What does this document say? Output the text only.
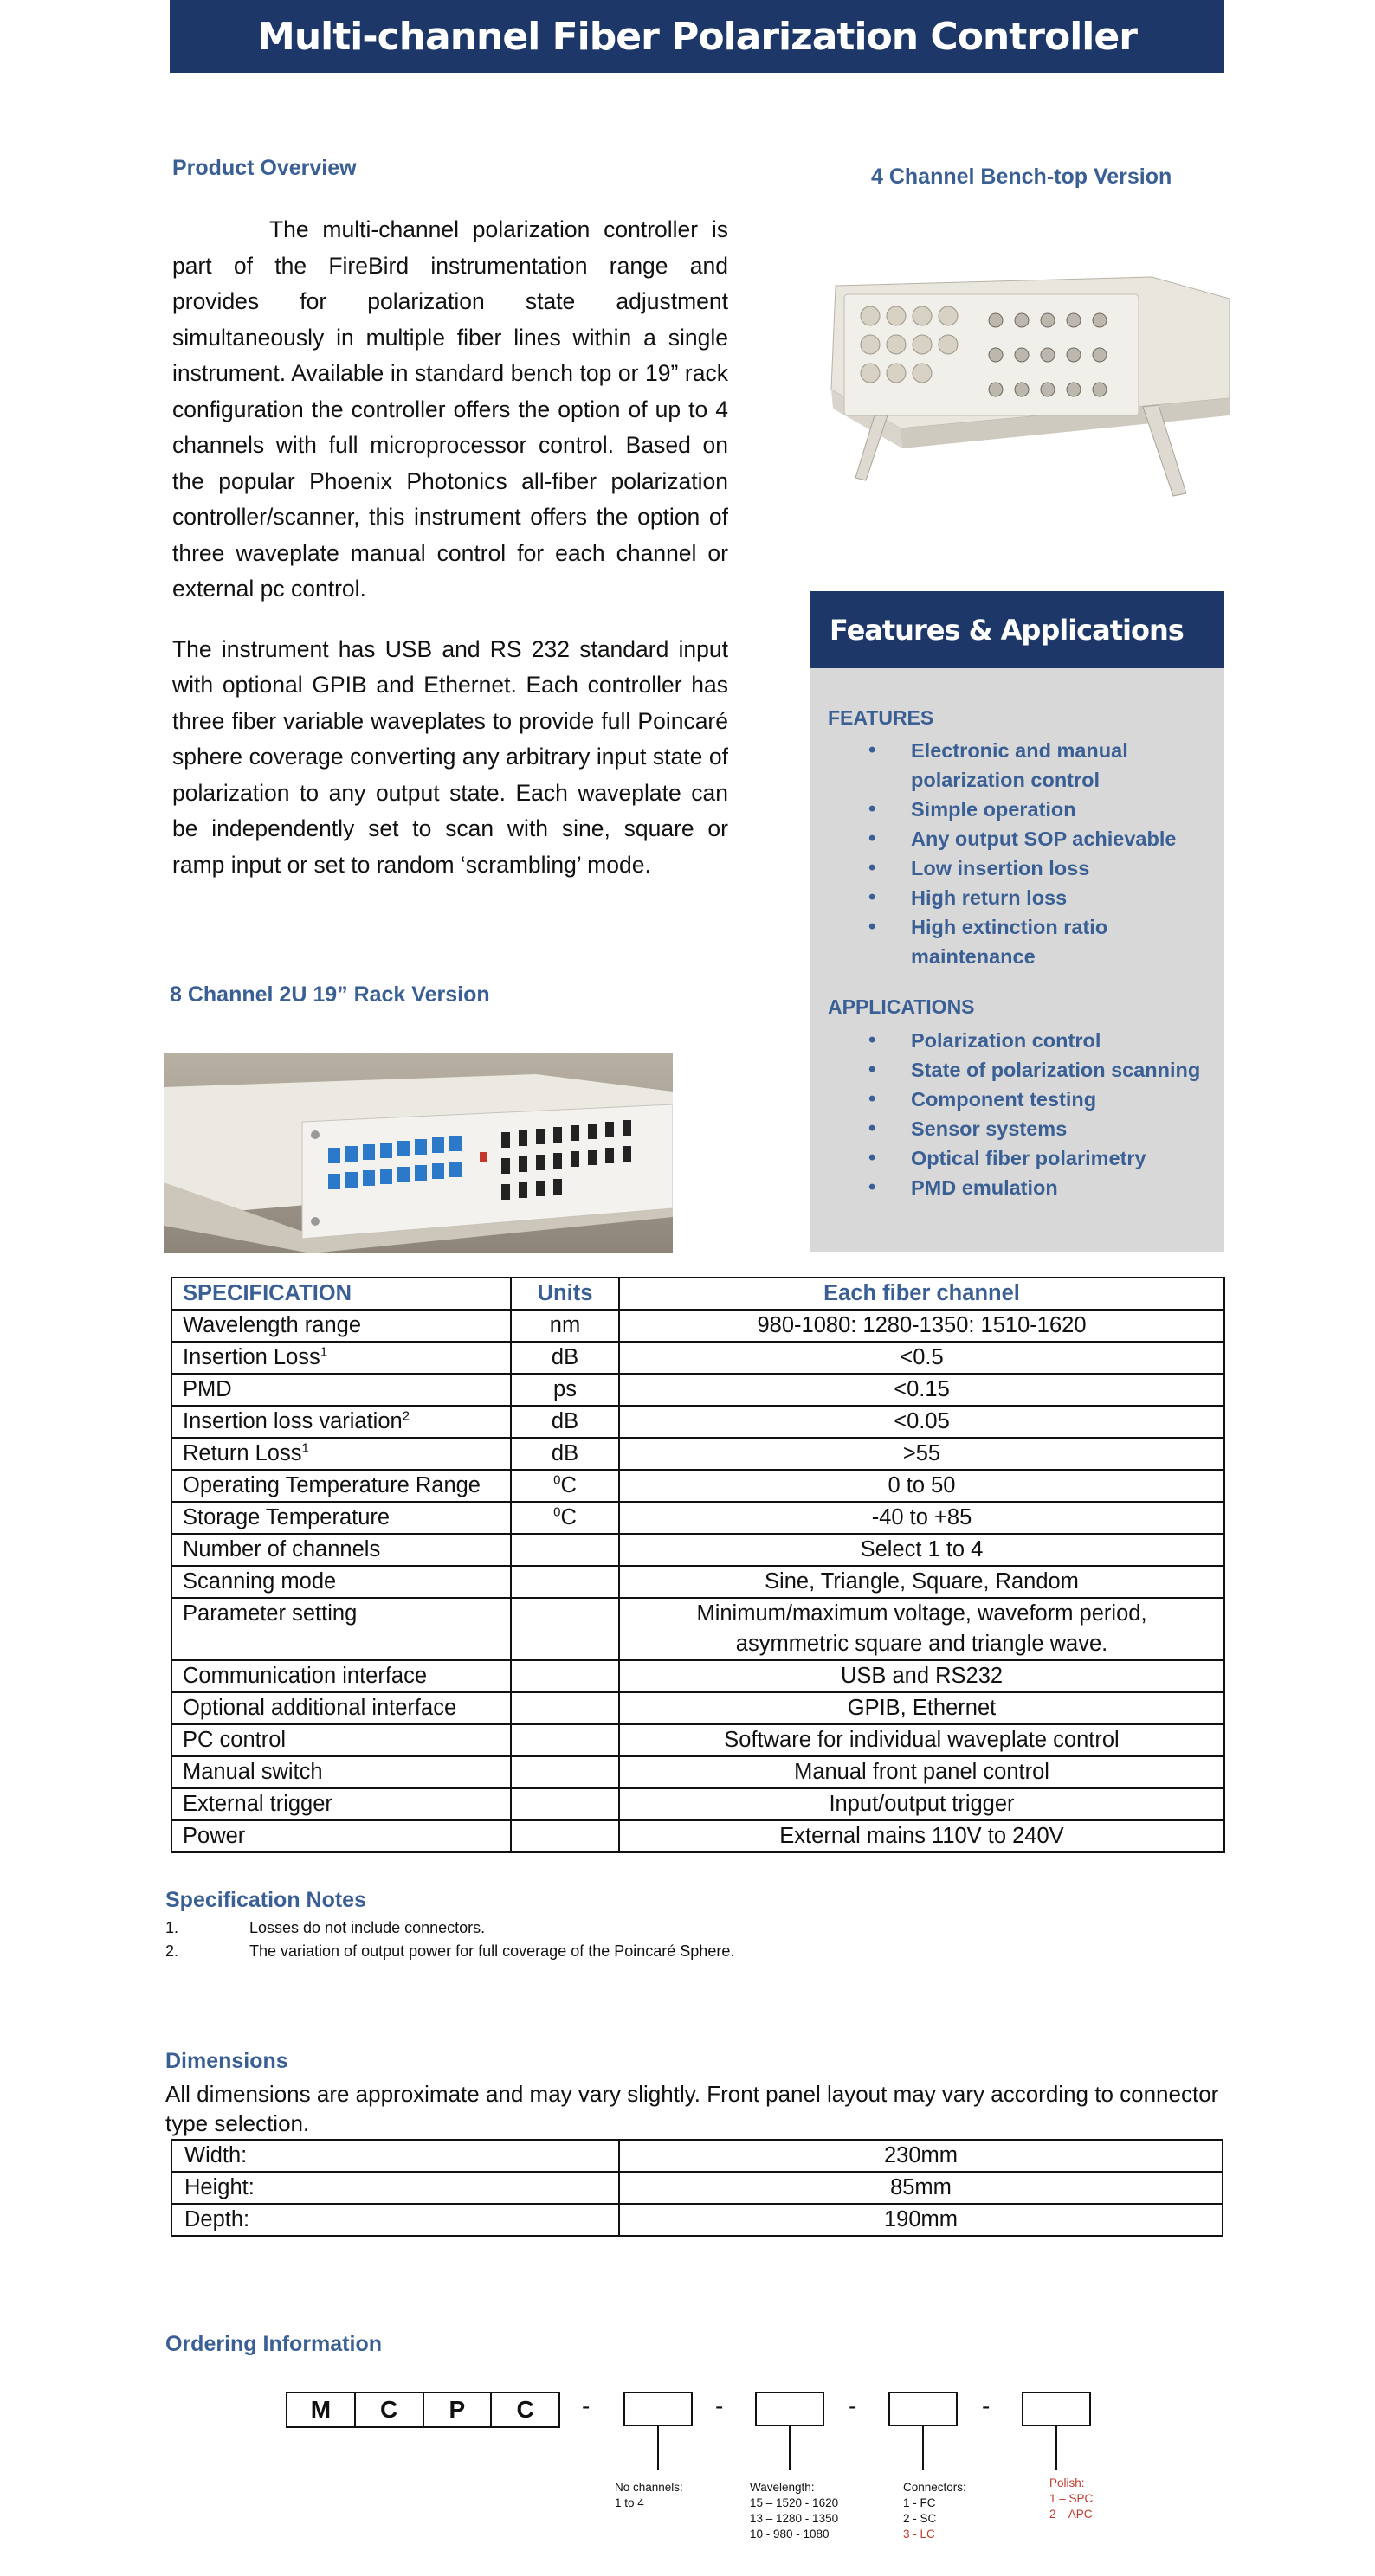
Multi-channel Fiber Polarization Controller
Product Overview

The multi-channel polarization controller is part of the FireBird instrumentation range and provides for polarization state adjustment simultaneously in multiple fiber lines within a single instrument. Available in standard bench top or 19” rack configuration the controller offers the option of up to 4 channels with full microprocessor control. Based on the popular Phoenix Photonics all-fiber polarization controller/scanner, this instrument offers the option of three waveplate manual control for each channel or external pc control.

The instrument has USB and RS 232 standard input with optional GPIB and Ethernet. Each controller has three fiber variable waveplates to provide full Poincaré sphere coverage converting any arbitrary input state of polarization to any output state. Each waveplate can be independently set to scan with sine, square or ramp input or set to random ‘scrambling’ mode.

4 Channel Bench-top Version
Features & Applications
FEATURES
• Electronic and manual polarization control
• Simple operation
• Any output SOP achievable
• Low insertion loss
• High return loss
• High extinction ratio maintenance
APPLICATIONS
• Polarization control
• State of polarization scanning
• Component testing
• Sensor systems
• Optical fiber polarimetry
• PMD emulation
8 Channel 2U 19” Rack Version
SPECIFICATION	Units	Each fiber channel
Wavelength range	nm	980-1080: 1280-1350: 1510-1620
Insertion Loss$^1$	dB	<0.5
PMD	ps	<0.15
Insertion loss variation$^2$	dB	<0.05
Return Loss$^1$	dB	>55
Operating Temperature Range	$^0$C	0 to 50
Storage Temperature	$^0$C	-40 to +85
Number of channels		Select 1 to 4
Scanning mode		Sine, Triangle, Square, Random
Parameter setting		Minimum/maximum voltage, waveform period, asymmetric square and triangle wave.
Communication interface		USB and RS232
Optional additional interface		GPIB, Ethernet
PC control		Software for individual waveplate control
Manual switch		Manual front panel control
External trigger		Input/output trigger
Power		External mains 110V to 240V
Specification Notes
1.	Losses do not include connectors.
2.	The variation of output power for full coverage of the Poincaré Sphere.
Dimensions
All dimensions are approximate and may vary slightly. Front panel layout may vary according to connector type selection.
Width:	230mm
Height:	85mm
Depth:	190mm
Ordering Information
M	C	P	C	-	-	-	-
No channels:
1 to 4
Wavelength:
15 – 1520 - 1620
13 – 1280 - 1350
10 - 980 - 1080
Connectors:
1 - FC
2 - SC
3 - LC
Polish:
1 – SPC
2 – APC
